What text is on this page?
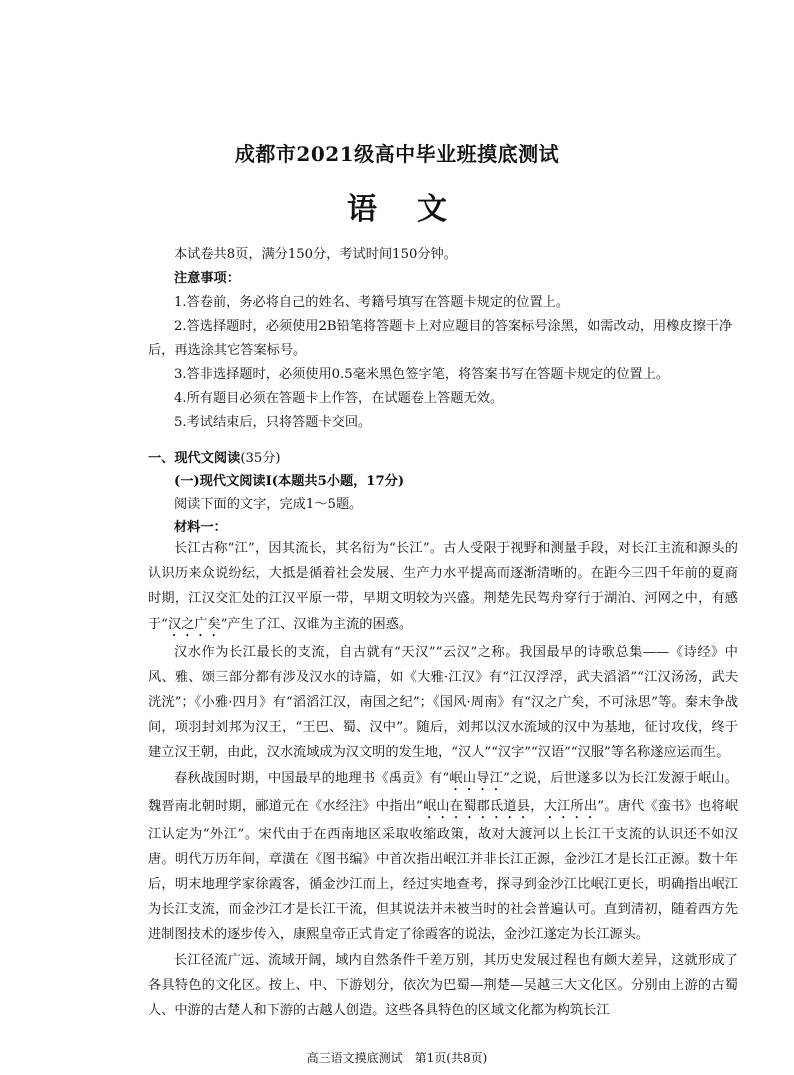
成都市2021级高中毕业班摸底测试
语文

本试卷共8页，满分150分，考试时间150分钟。

注意事项：

1.答卷前，务必将自己的姓名、考籍号填写在答题卡规定的位置上。

2.答选择题时，必须使用2B铅笔将答题卡上对应题目的答案标号涂黑，如需改动，用橡皮擦干净后，再选涂其它答案标号。

3.答非选择题时，必须使用0.5毫米黑色签字笔，将答案书写在答题卡规定的位置上。

4.所有题目必须在答题卡上作答，在试题卷上答题无效。

5.考试结束后，只将答题卡交回。

一、现代文阅读(35分)
(一)现代文阅读Ⅰ(本题共5小题，17分)
阅读下面的文字，完成1～5题。
材料一：

长江古称“江”，因其流长，其名衍为“长江”。古人受限于视野和测量手段，对长江主流和源头的认识历来众说纷纭，大抵是循着社会发展、生产力水平提高而逐渐清晰的。在距今三四千年前的夏商时期，江汉交汇处的江汉平原一带，早期文明较为兴盛。荆楚先民驾舟穿行于湖泊、河网之中，有感于“汉之广矣”产生了江、汉谁为主流的困惑。

汉水作为长江最长的支流，自古就有“天汉”“云汉”之称。我国最早的诗歌总集——《诗经》中风、雅、颂三部分都有涉及汉水的诗篇，如《大雅·江汉》有“江汉浮浮，武夫滔滔”“江汉汤汤，武夫洸洸”；《小雅·四月》有“滔滔江汉，南国之纪”；《国风·周南》有“汉之广矣，不可泳思”等。秦末争战间，项羽封刘邦为汉王，“王巴、蜀、汉中”。随后，刘邦以汉水流域的汉中为基地，征讨攻伐，终于建立汉王朝，由此，汉水流域成为汉文明的发生地，“汉人”“汉字”“汉语”“汉服”等名称遂应运而生。

春秋战国时期，中国最早的地理书《禹贡》有“岷山导江”之说，后世遂多以为长江发源于岷山。魏晋南北朝时期，郦道元在《水经注》中指出“岷山在蜀郡氐道县，大江所出”。唐代《蛮书》也将岷江认定为“外江”。宋代由于在西南地区采取收缩政策，故对大渡河以上长江干支流的认识还不如汉唐。明代万历年间，章潢在《图书编》中首次指出岷江并非长江正源，金沙江才是长江正源。数十年后，明末地理学家徐霞客，循金沙江而上，经过实地查考，探寻到金沙江比岷江更长，明确指出岷江为长江支流，而金沙江才是长江干流，但其说法并未被当时的社会普遍认可。直到清初，随着西方先进制图技术的逐步传入，康熙皇帝正式肯定了徐霞客的说法，金沙江遂定为长江源头。

长江径流广远、流域开阔，域内自然条件千差万别，其历史发展过程也有颇大差异，这就形成了各具特色的文化区。按上、中、下游划分，依次为巴蜀—荆楚—吴越三大文化区。分别由上游的古蜀人、中游的古楚人和下游的古越人创造。这些各具特色的区域文化都为构筑长江

高三语文摸底测试　第1页(共8页)
